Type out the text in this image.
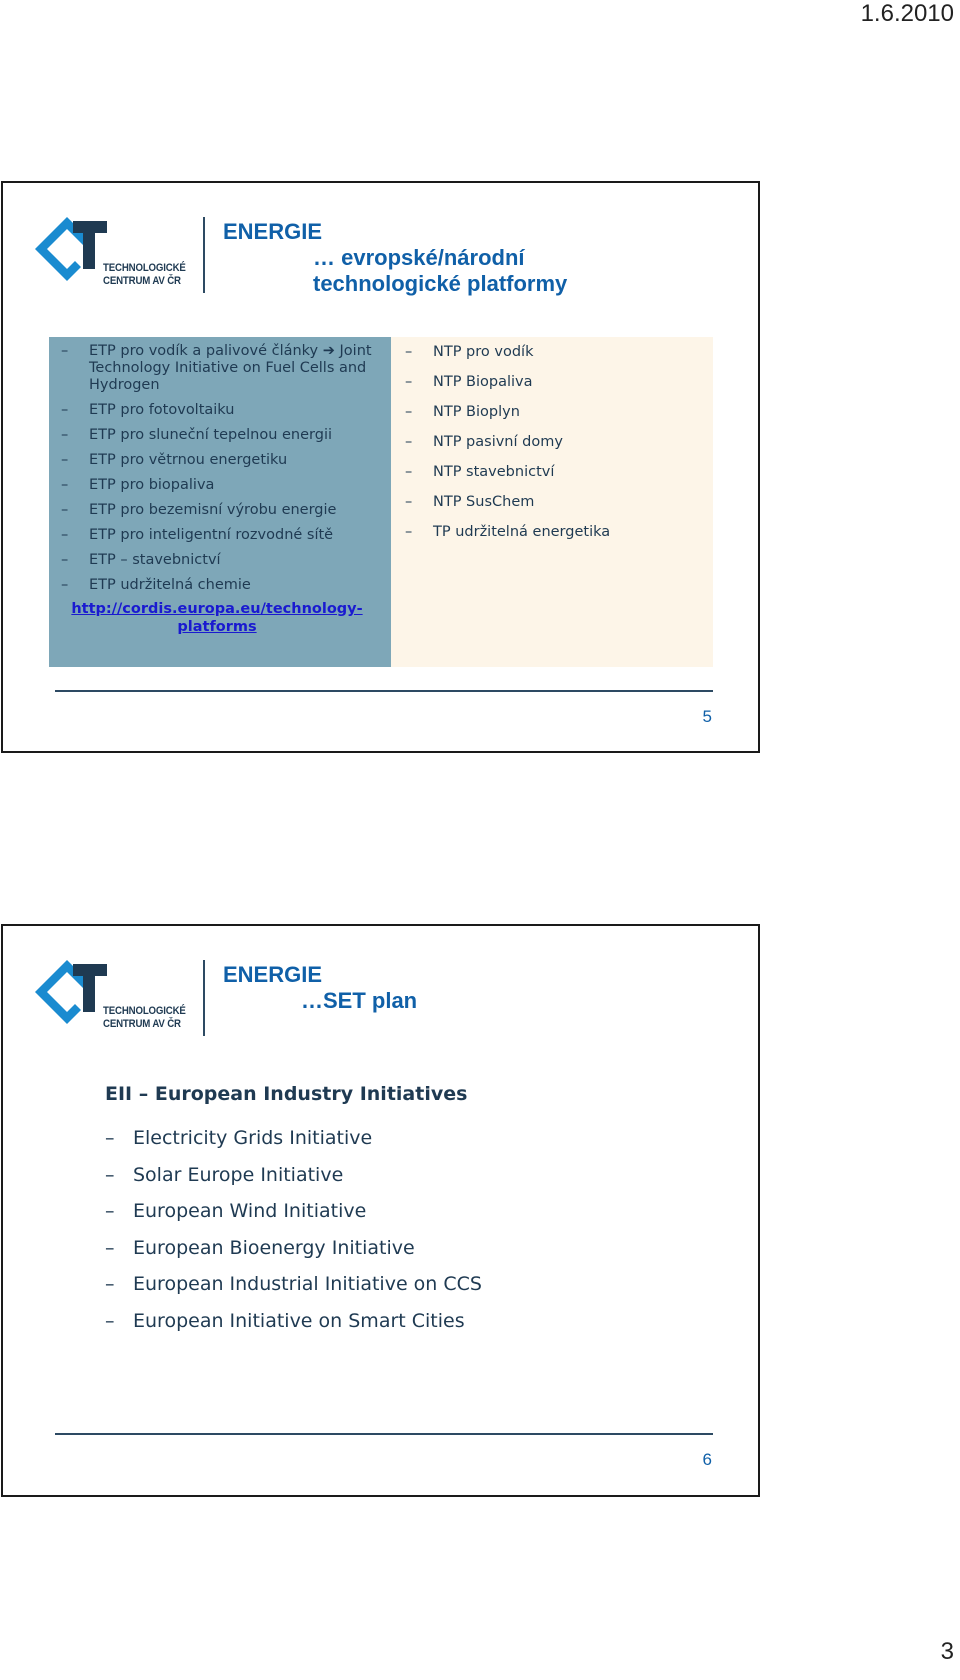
1.6.2010
TECHNOLOGICKÉ
CENTRUM AV ČR
ENERGIE
… evropské/národní
technologické platformy
– ETP pro vodík a palivové články ➔ Joint Technology Initiative on Fuel Cells and Hydrogen
– ETP pro fotovoltaiku
– ETP pro sluneční tepelnou energii
– ETP pro větrnou energetiku
– ETP pro biopaliva
– ETP pro bezemisní výrobu energie
– ETP pro inteligentní rozvodné sítě
– ETP – stavebnictví
– ETP udržitelná chemie
http://cordis.europa.eu/technology-platforms
– NTP pro vodík
– NTP Biopaliva
– NTP Bioplyn
– NTP pasivní domy
– NTP stavebnictví
– NTP SusChem
– TP udržitelná energetika
5
TECHNOLOGICKÉ
CENTRUM AV ČR
ENERGIE
…SET plan
EII – European Industry Initiatives
– Electricity Grids Initiative
– Solar Europe Initiative
– European Wind Initiative
– European Bioenergy Initiative
– European Industrial Initiative on CCS
– European Initiative on Smart Cities
6
3
